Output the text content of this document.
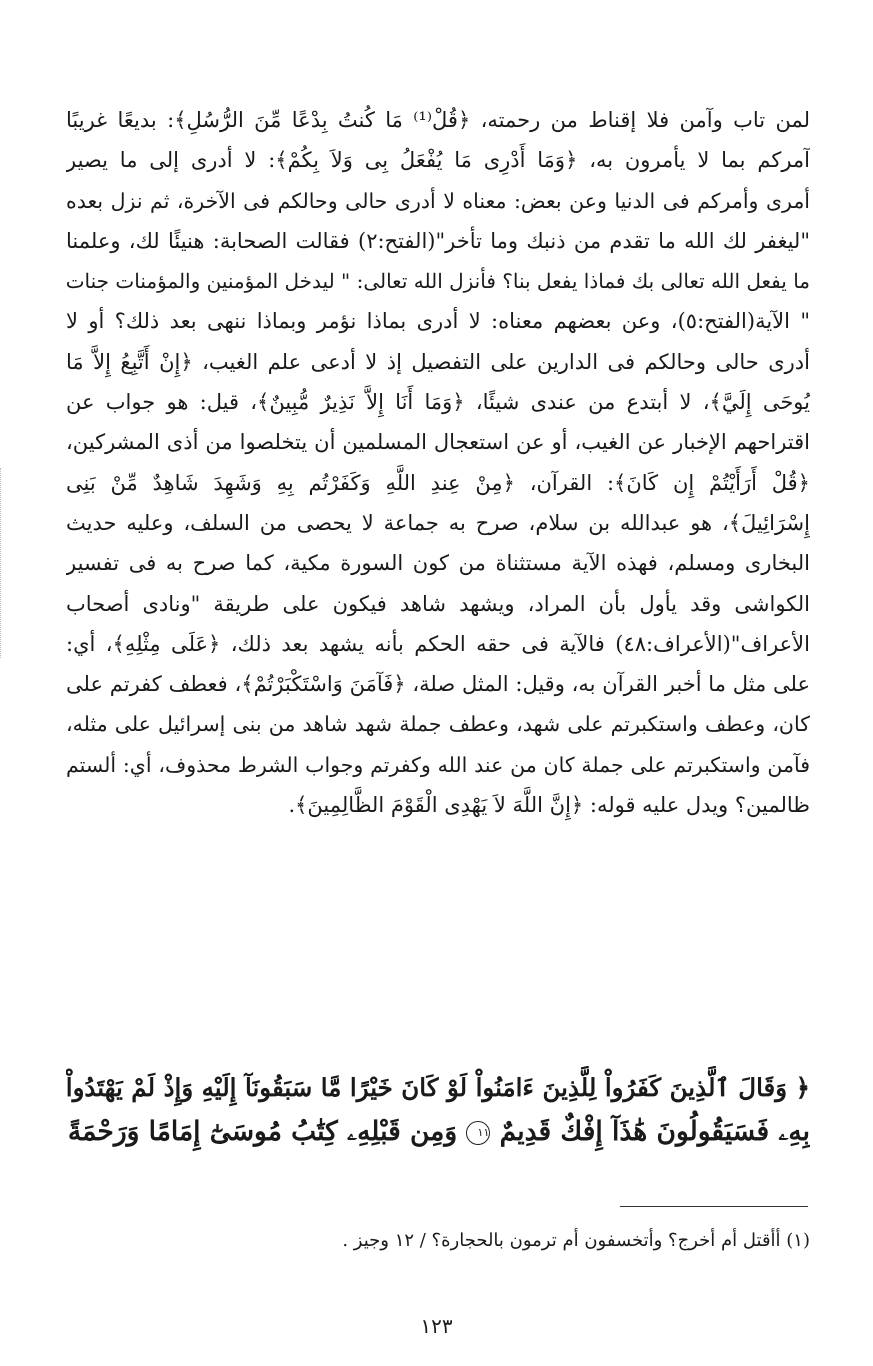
لمن تاب وآمن فلا إقناط من رحمته، ﴿قُلْ⁽¹⁾ مَا كُنتُ بِدْعًا مِّنَ الرُّسُلِ﴾: بديعًا غريبًا
آمركم بما لا يأمرون به، ﴿وَمَا أَدْرِى مَا يُفْعَلُ بِى وَلاَ بِكُمْ﴾: لا أدرى إلى ما يصير
أمرى وأمركم فى الدنيا وعن بعض: معناه لا أدرى حالى وحالكم فى الآخرة، ثم نزل بعده
"ليغفر لك الله ما تقدم من ذنبك وما تأخر"(الفتح:٢) فقالت الصحابة: هنيئًا لك، وعلمنا
ما يفعل الله تعالى بك فماذا يفعل بنا؟ فأنزل الله تعالى: " ليدخل المؤمنين والمؤمنات جنات
" الآية(الفتح:٥)، وعن بعضهم معناه: لا أدرى بماذا نؤمر وبماذا ننهى بعد ذلك؟ أو لا
أدرى حالى وحالكم فى الدارين على التفصيل إذ لا أدعى علم الغيب، ﴿إِنْ أَتَّبِعُ إِلاَّ مَا
يُوحَى إِلَيَّ﴾، لا أبتدع من عندى شيئًا، ﴿وَمَا أَنَا إِلاَّ نَذِيرٌ مُّبِينٌ﴾، قيل: هو جواب عن
اقتراحهم الإخبار عن الغيب، أو عن استعجال المسلمين أن يتخلصوا من أذى المشركين،
﴿قُلْ أَرَأَيْتُمْ إِن كَانَ﴾: القرآن، ﴿مِنْ عِندِ اللَّهِ وَكَفَرْتُم بِهِ وَشَهِدَ شَاهِدٌ مِّنْ بَنِى
إِسْرَائِيلَ﴾، هو عبدالله بن سلام، صرح به جماعة لا يحصى من السلف، وعليه حديث
البخارى ومسلم، فهذه الآية مستثناة من كون السورة مكية، كما صرح به فى تفسير
الكواشى وقد يأول بأن المراد، ويشهد شاهد فيكون على طريقة "ونادى أصحاب
الأعراف"(الأعراف:٤٨) فالآية فى حقه الحكم بأنه يشهد بعد ذلك، ﴿عَلَى مِثْلِهِ﴾، أي:
على مثل ما أخبر القرآن به، وقيل: المثل صلة، ﴿فَآمَنَ وَاسْتَكْبَرْتُمْ﴾، فعطف كفرتم على
كان، وعطف واستكبرتم على شهد، وعطف جملة شهد شاهد من بنى إسرائيل على مثله،
فآمن واستكبرتم على جملة كان من عند الله وكفرتم وجواب الشرط محذوف، أي: ألستم
ظالمين؟ ويدل عليه قوله: ﴿إِنَّ اللَّهَ لاَ يَهْدِى الْقَوْمَ الظَّالِمِينَ﴾.
﴿ وَقَالَ ٱلَّذِينَ كَفَرُواْ لِلَّذِينَ ءَامَنُواْ لَوْ كَانَ خَيْرًا مَّا سَبَقُونَآ إِلَيْهِ وَإِذْ لَمْ يَهْتَدُواْ
بِهِۦ فَسَيَقُولُونَ هَٰذَآ إِفْكٌ قَدِيمٌ ١١ وَمِن قَبْلِهِۦ كِتَٰبُ مُوسَىٰٓ إِمَامًا وَرَحْمَةً
(١) أأقتل أم أخرج؟ وأتخسفون أم ترمون بالحجارة؟ / ١٢ وجيز .
١٢٣
